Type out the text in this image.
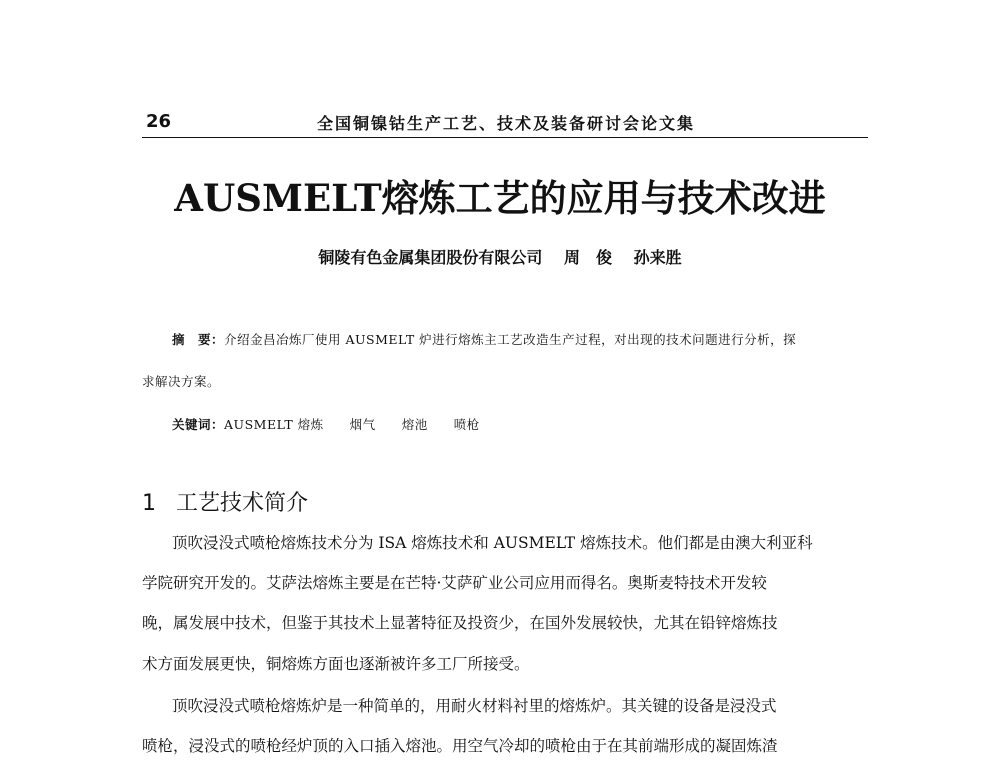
26	全国铜镍钴生产工艺、技术及装备研讨会论文集
AUSMELT熔炼工艺的应用与技术改进
铜陵有色金属集团股份有限公司 周　俊 孙来胜
摘　要：介绍金昌冶炼厂使用 AUSMELT 炉进行熔炼主工艺改造生产过程，对出现的技术问题进行分析，探
求解决方案。
关键词：AUSMELT 熔炼 烟气 熔池 喷枪
1 工艺技术简介
顶吹浸没式喷枪熔炼技术分为 ISA 熔炼技术和 AUSMELT 熔炼技术。他们都是由澳大利亚科
学院研究开发的。艾萨法熔炼主要是在芒特·艾萨矿业公司应用而得名。奥斯麦特技术开发较
晚，属发展中技术，但鉴于其技术上显著特征及投资少，在国外发展较快，尤其在铅锌熔炼技
术方面发展更快，铜熔炼方面也逐渐被许多工厂所接受。
顶吹浸没式喷枪熔炼炉是一种简单的，用耐火材料衬里的熔炼炉。其关键的设备是浸没式
喷枪，浸没式的喷枪经炉顶的入口插入熔池。用空气冷却的喷枪由于在其前端形成的凝固炼渣
